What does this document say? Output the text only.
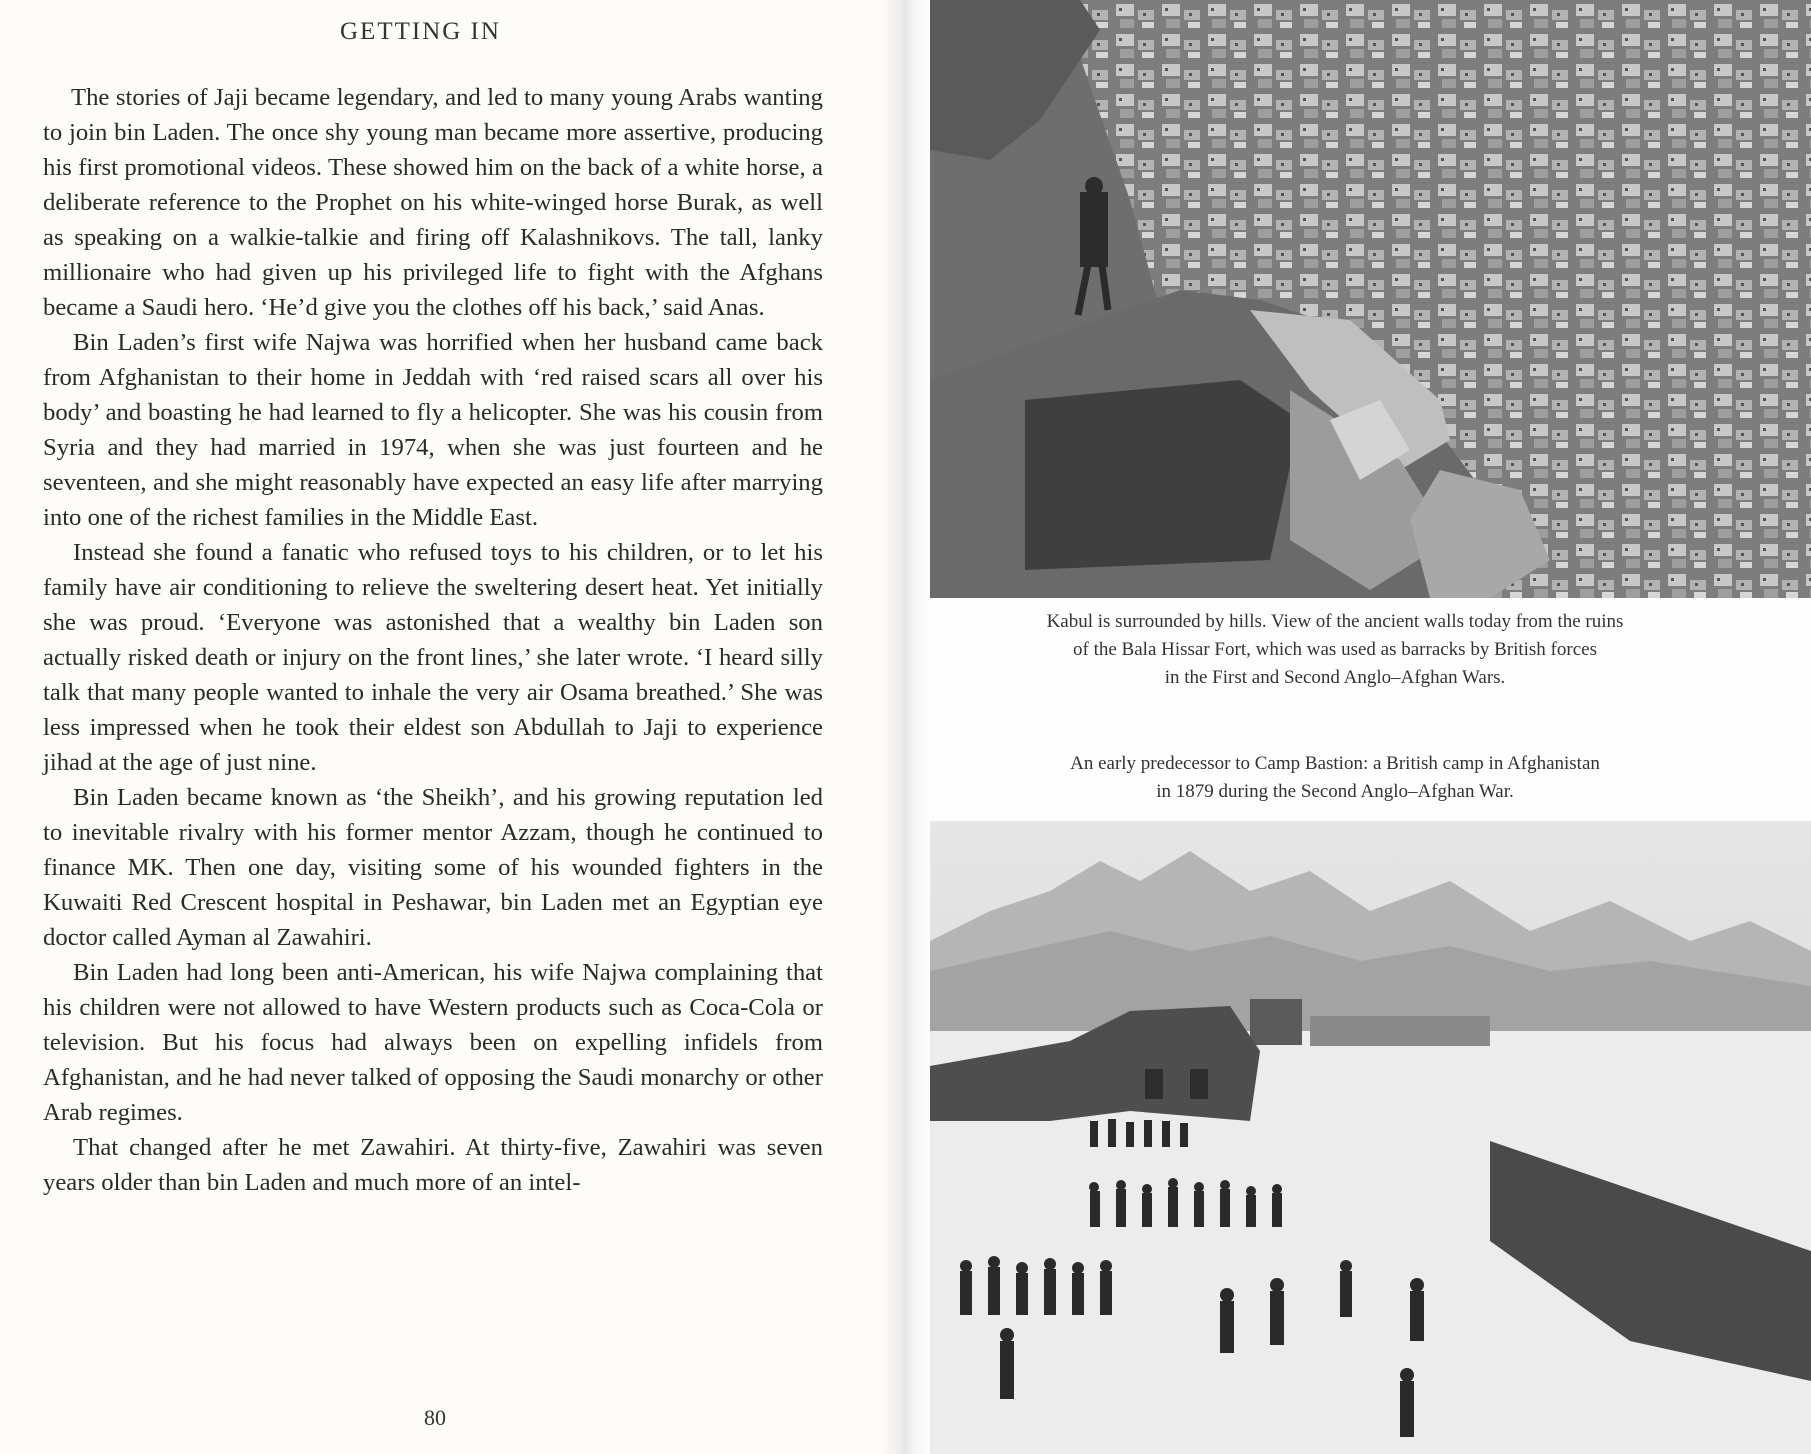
GETTING IN

The stories of Jaji became legendary, and led to many young Arabs wanting to join bin Laden. The once shy young man became more assertive, producing his first promotional videos. These showed him on the back of a white horse, a deliberate reference to the Prophet on his white-winged horse Burak, as well as speaking on a walkie-talkie and firing off Kalashnikovs. The tall, lanky millionaire who had given up his privileged life to fight with the Afghans became a Saudi hero. ‘He’d give you the clothes off his back,’ said Anas.

Bin Laden’s first wife Najwa was horrified when her husband came back from Afghanistan to their home in Jeddah with ‘red raised scars all over his body’ and boasting he had learned to fly a helicopter. She was his cousin from Syria and they had married in 1974, when she was just fourteen and he seventeen, and she might reasonably have expected an easy life after marrying into one of the richest families in the Middle East.

Instead she found a fanatic who refused toys to his children, or to let his family have air conditioning to relieve the sweltering desert heat. Yet initially she was proud. ‘Everyone was astonished that a wealthy bin Laden son actually risked death or injury on the front lines,’ she later wrote. ‘I heard silly talk that many people wanted to inhale the very air Osama breathed.’ She was less impressed when he took their eldest son Abdullah to Jaji to experience jihad at the age of just nine.

Bin Laden became known as ‘the Sheikh’, and his growing reputation led to inevitable rivalry with his former mentor Azzam, though he continued to finance MK. Then one day, visiting some of his wounded fighters in the Kuwaiti Red Crescent hospital in Peshawar, bin Laden met an Egyptian eye doctor called Ayman al Zawahiri.

Bin Laden had long been anti-American, his wife Najwa complaining that his children were not allowed to have Western products such as Coca-Cola or television. But his focus had always been on expelling infidels from Afghanistan, and he had never talked of opposing the Saudi monarchy or other Arab regimes.

That changed after he met Zawahiri. At thirty-five, Zawahiri was seven years older than bin Laden and much more of an intel-

80
Kabul is surrounded by hills. View of the ancient walls today from the ruins
of the Bala Hissar Fort, which was used as barracks by British forces
in the First and Second Anglo–Afghan Wars.
An early predecessor to Camp Bastion: a British camp in Afghanistan
in 1879 during the Second Anglo–Afghan War.
